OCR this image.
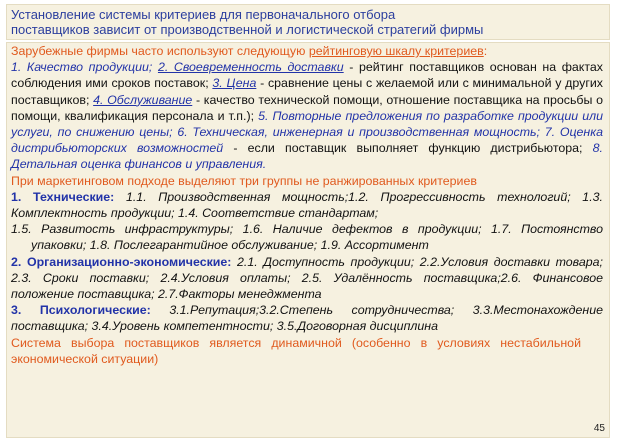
Установление системы критериев для первоначального отбора
поставщиков зависит от производственной и логистической стратегий фирмы

Зарубежные фирмы часто используют следующую рейтинговую шкалу критериев:

1. Качество продукции; 2. Своевременность доставки - рейтинг поставщиков основан на фактах соблюдения ими сроков поставок; 3. Цена - сравнение цены с желаемой или с минимальной у других поставщиков; 4. Обслуживание - качество технической помощи, отношение поставщика на просьбы о помощи, квалификация персонала и т.п.); 5. Повторные предложения по разработке продукции или услуги, по снижению цены; 6. Техническая, инженерная и производственная мощность; 7. Оценка дистрибьюторских возможностей - если поставщик выполняет функцию дистрибьютора; 8. Детальная оценка финансов и управления.

При маркетинговом подходе выделяют три группы не ранжированных критериев

1. Технические: 1.1. Производственная мощность;1.2. Прогрессивность технологий; 1.3. Комплектность продукции; 1.4. Соответствие стандартам;

1.5. Развитость инфраструктуры; 1.6. Наличие дефектов в продукции; 1.7. Постоянство упаковки; 1.8. Послегарантийное обслуживание; 1.9. Ассортимент

2. Организационно-экономические: 2.1. Доступность продукции; 2.2.Условия доставки товара; 2.3. Сроки поставки; 2.4.Условия оплаты; 2.5. Удалённость поставщика;2.6. Финансовое положение поставщика; 2.7.Факторы менеджмента

3. Психологические: 3.1.Репутация;3.2.Степень сотрудничества; 3.3.Местонахождение поставщика; 3.4.Уровень компетентности; 3.5.Договорная дисциплина

Система выбора поставщиков является динамичной (особенно в условиях нестабильной экономической ситуации)

45
